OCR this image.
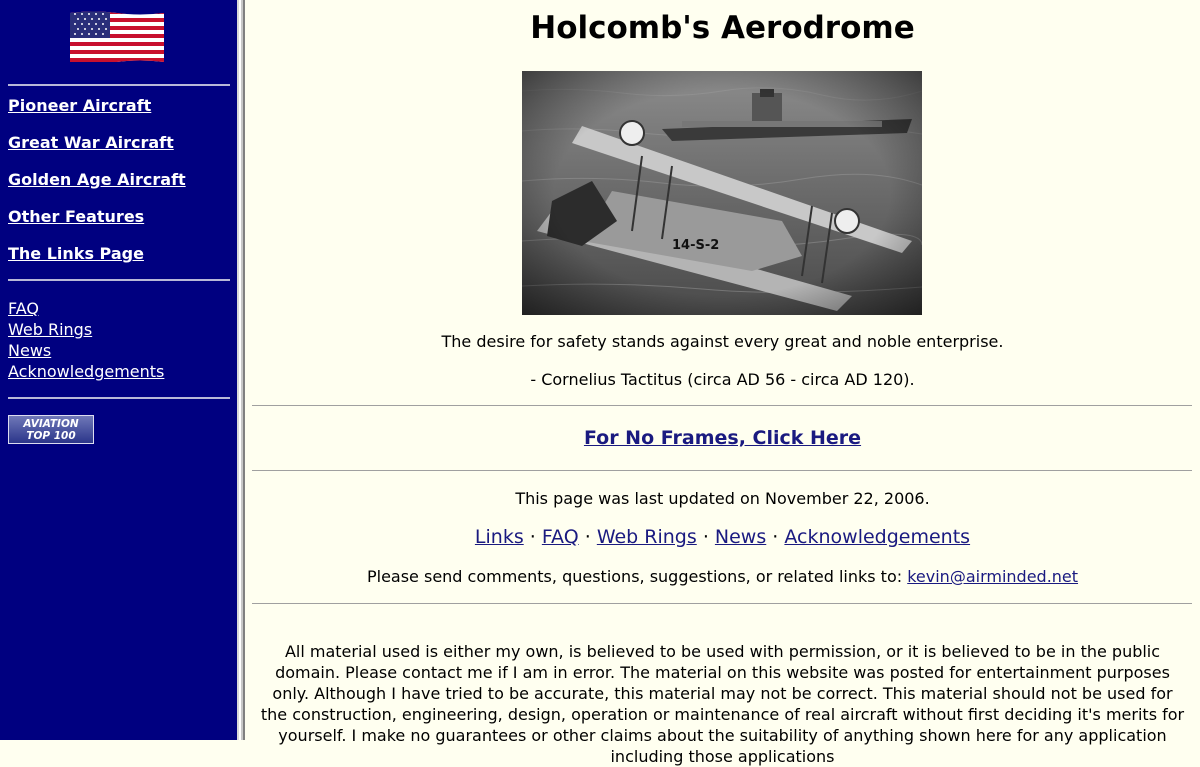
Pioneer Aircraft
Great War Aircraft
Golden Age Aircraft
Other Features
The Links Page
FAQ
Web Rings
News
Acknowledgements
AVIATION
TOP 100
Holcomb's Aerodrome
The desire for safety stands against every great and noble enterprise.
- Cornelius Tactitus (circa AD 56 - circa AD 120).
For No Frames, Click Here
This page was last updated on November 22, 2006.
Links · FAQ · Web Rings · News · Acknowledgements
Please send comments, questions, suggestions, or related links to: kevin@airminded.net
All material used is either my own, is believed to be used with permission, or it is believed to be in the public domain. Please contact me if I am in error. The material on this website was posted for entertainment purposes only. Although I have tried to be accurate, this material may not be correct. This material should not be used for the construction, engineering, design, operation or maintenance of real aircraft without first deciding it's merits for yourself. I make no guarantees or other claims about the suitability of anything shown here for any application including those applications
